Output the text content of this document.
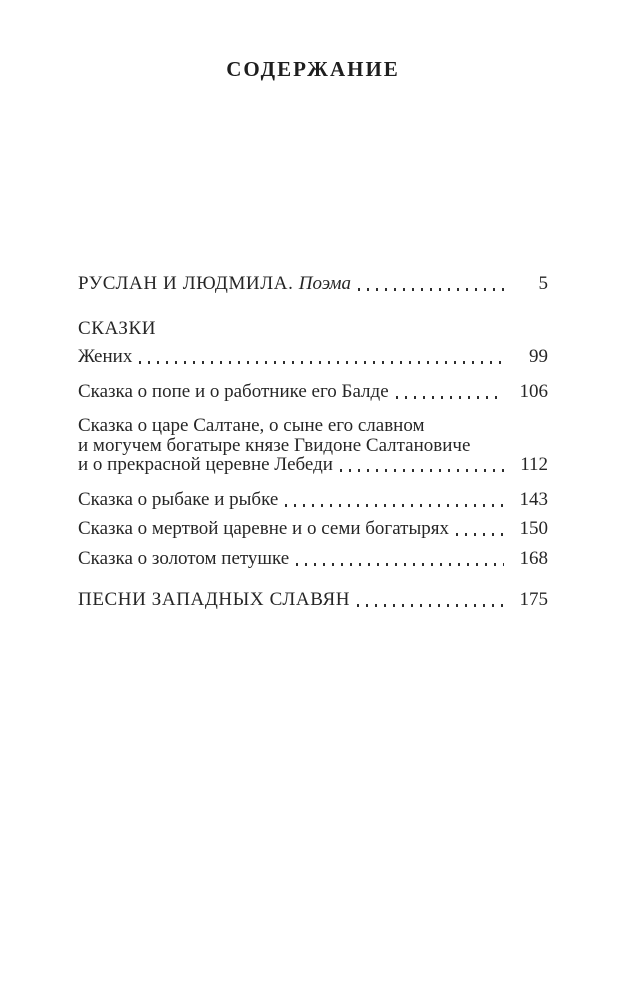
СОДЕРЖАНИЕ
РУСЛАН И ЛЮДМИЛА. Поэма	5
СКАЗКИ
Жених	99
Сказка о попе и о работнике его Балде	106
Сказка о царе Салтане, о сыне его славном
и могучем богатыре князе Гвидоне Салтановиче
и о прекрасной церевне Лебеди	112
Сказка о рыбаке и рыбке	143
Сказка о мертвой царевне и о семи богатырях	150
Сказка о золотом петушке	168
ПЕСНИ ЗАПАДНЫХ СЛАВЯН	175
